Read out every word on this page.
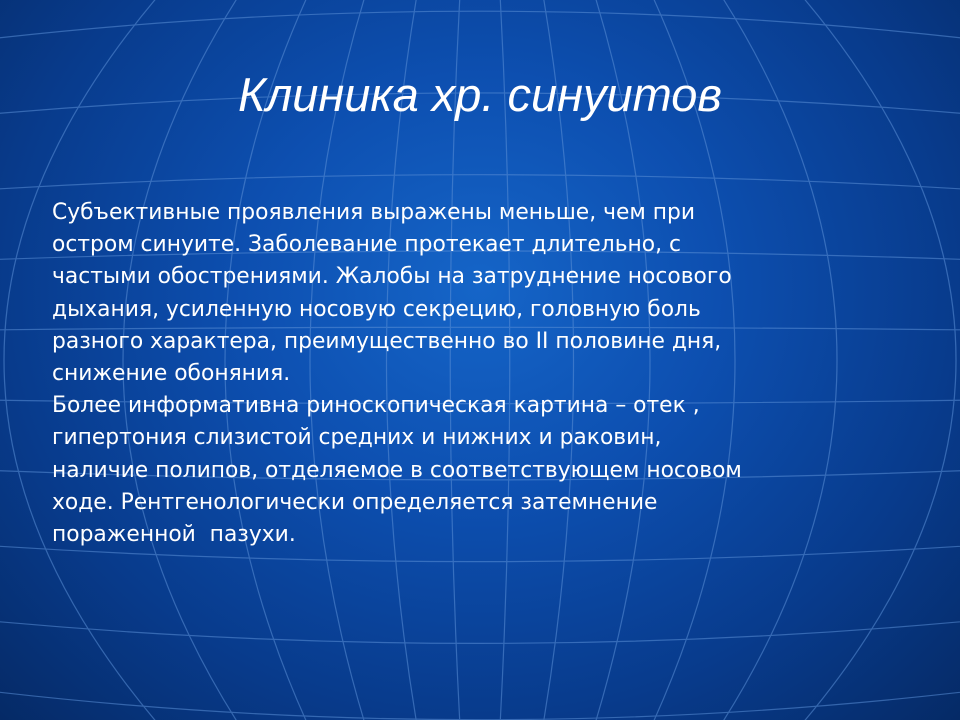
Клиника хр. синуитов
Субъективные проявления выражены меньше, чем при
остром синуите. Заболевание протекает длительно, с
частыми обострениями. Жалобы на затруднение носового
дыхания, усиленную носовую секрецию, головную боль
разного характера, преимущественно во II половине дня,
снижение обоняния.
Более информативна риноскопическая картина – отек ,
гипертония слизистой средних и нижних и раковин,
наличие полипов, отделяемое в соответствующем носовом
ходе. Рентгенологически определяется затемнение
пораженной  пазухи.
